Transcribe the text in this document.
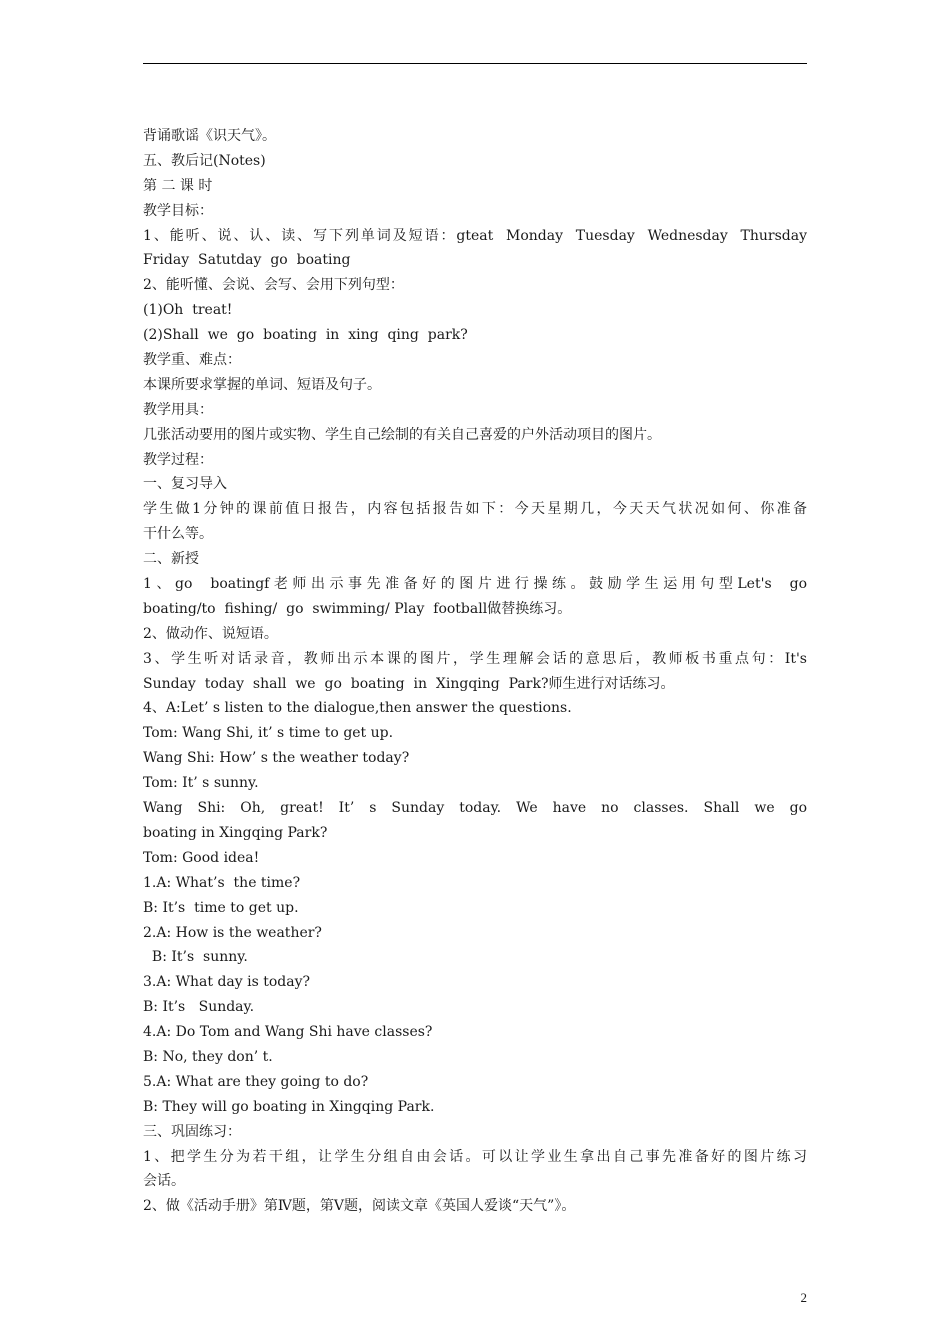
背诵歌谣《识天气》。
五、教后记(Notes)
第 二 课 时
教学目标：
1、能听、说、认、读、写下列单词及短语：gteat  Monday  Tuesday  Wednesday  Thursday
Friday  Satutday  go  boating
2、能听懂、会说、会写、会用下列句型：
(1)Oh  treat!
(2)Shall  we  go  boating  in  xing  qing  park?
教学重、难点：
本课所要求掌握的单词、短语及句子。
教学用具：
几张活动要用的图片或实物、学生自己绘制的有关自己喜爱的户外活动项目的图片。
教学过程：
一、复习导入
学生做1分钟的课前值日报告，内容包括报告如下：今天星期几，今天天气状况如何、你准备
干什么等。
二、新授
1、go  boatingf老师出示事先准备好的图片进行操练。鼓励学生运用句型Let's  go
boating/to  fishing/  go  swimming/ Play  football做替换练习。
2、做动作、说短语。
3、学生听对话录音，教师出示本课的图片，学生理解会话的意思后，教师板书重点句：It's
Sunday  today  shall  we  go  boating  in  Xingqing  Park?师生进行对话练习。
4、A:Let’ s listen to the dialogue,then answer the questions.
Tom: Wang Shi, it’ s time to get up.
Wang Shi: How’ s the weather today?
Tom: It’ s sunny.
Wang Shi: Oh, great! It’ s Sunday today. We have no classes. Shall we go
boating in Xingqing Park?
Tom: Good idea!
1.A: What’s  the time?
B: It’s  time to get up.
2.A: How is the weather?
B: It’s  sunny.
3.A: What day is today?
B: It’s   Sunday.
4.A: Do Tom and Wang Shi have classes?
B: No, they don’ t.
5.A: What are they going to do?
B: They will go boating in Xingqing Park.
三、巩固练习：
1、把学生分为若干组，让学生分组自由会话。可以让学业生拿出自己事先准备好的图片练习
会话。
2、做《活动手册》第Ⅳ题，第Ⅴ题，阅读文章《英国人爱谈“天气”》。
2
